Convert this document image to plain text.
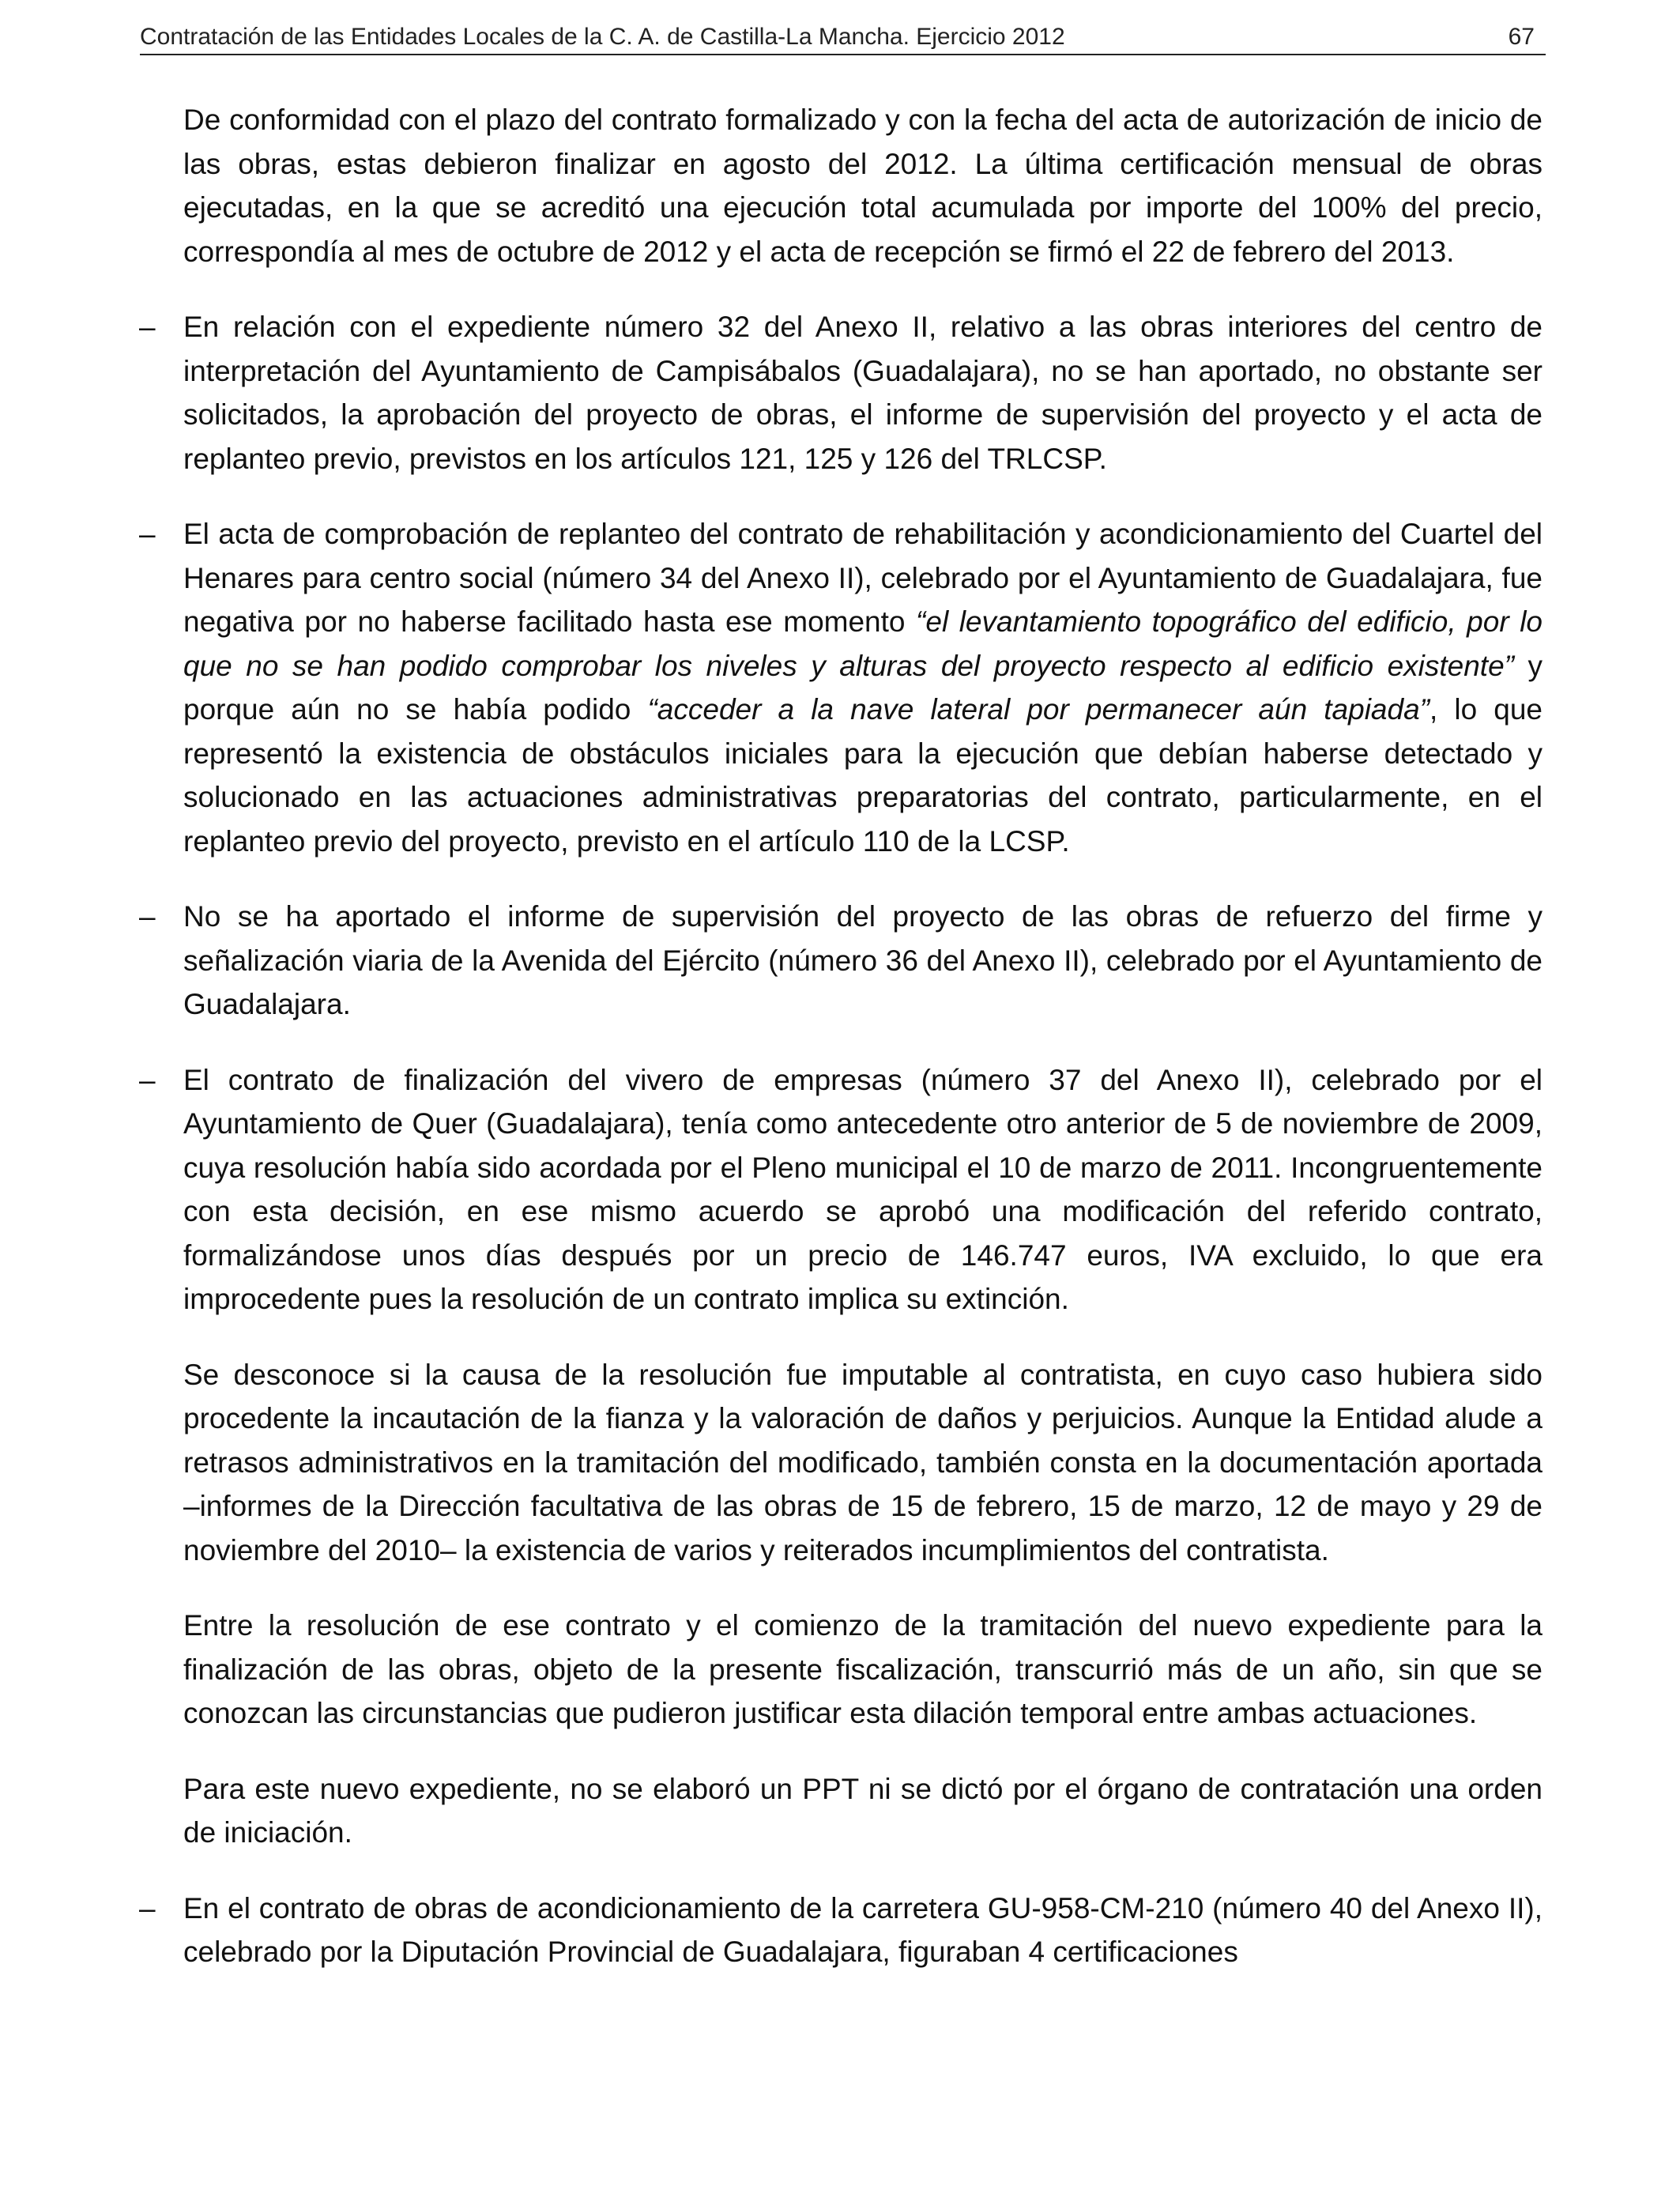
Contratación de las Entidades Locales de la C. A. de Castilla-La Mancha. Ejercicio 2012	67

De conformidad con el plazo del contrato formalizado y con la fecha del acta de autorización de inicio de las obras, estas debieron finalizar en agosto del 2012. La última certificación mensual de obras ejecutadas, en la que se acreditó una ejecución total acumulada por importe del 100% del precio, correspondía al mes de octubre de 2012 y el acta de recepción se firmó el 22 de febrero del 2013.

– En relación con el expediente número 32 del Anexo II, relativo a las obras interiores del centro de interpretación del Ayuntamiento de Campisábalos (Guadalajara), no se han aportado, no obstante ser solicitados, la aprobación del proyecto de obras, el informe de supervisión del proyecto y el acta de replanteo previo, previstos en los artículos 121, 125 y 126 del TRLCSP.

– El acta de comprobación de replanteo del contrato de rehabilitación y acondicionamiento del Cuartel del Henares para centro social (número 34 del Anexo II), celebrado por el Ayuntamiento de Guadalajara, fue negativa por no haberse facilitado hasta ese momento “el levantamiento topográfico del edificio, por lo que no se han podido comprobar los niveles y alturas del proyecto respecto al edificio existente” y porque aún no se había podido “acceder a la nave lateral por permanecer aún tapiada”, lo que representó la existencia de obstáculos iniciales para la ejecución que debían haberse detectado y solucionado en las actuaciones administrativas preparatorias del contrato, particularmente, en el replanteo previo del proyecto, previsto en el artículo 110 de la LCSP.

– No se ha aportado el informe de supervisión del proyecto de las obras de refuerzo del firme y señalización viaria de la Avenida del Ejército (número 36 del Anexo II), celebrado por el Ayuntamiento de Guadalajara.

– El contrato de finalización del vivero de empresas (número 37 del Anexo II), celebrado por el Ayuntamiento de Quer (Guadalajara), tenía como antecedente otro anterior de 5 de noviembre de 2009, cuya resolución había sido acordada por el Pleno municipal el 10 de marzo de 2011. Incongruentemente con esta decisión, en ese mismo acuerdo se aprobó una modificación del referido contrato, formalizándose unos días después por un precio de 146.747 euros, IVA excluido, lo que era improcedente pues la resolución de un contrato implica su extinción.

Se desconoce si la causa de la resolución fue imputable al contratista, en cuyo caso hubiera sido procedente la incautación de la fianza y la valoración de daños y perjuicios. Aunque la Entidad alude a retrasos administrativos en la tramitación del modificado, también consta en la documentación aportada –informes de la Dirección facultativa de las obras de 15 de febrero, 15 de marzo, 12 de mayo y 29 de noviembre del 2010– la existencia de varios y reiterados incumplimientos del contratista.

Entre la resolución de ese contrato y el comienzo de la tramitación del nuevo expediente para la finalización de las obras, objeto de la presente fiscalización, transcurrió más de un año, sin que se conozcan las circunstancias que pudieron justificar esta dilación temporal entre ambas actuaciones.

Para este nuevo expediente, no se elaboró un PPT ni se dictó por el órgano de contratación una orden de iniciación.

– En el contrato de obras de acondicionamiento de la carretera GU-958-CM-210 (número 40 del Anexo II), celebrado por la Diputación Provincial de Guadalajara, figuraban 4 certificaciones
